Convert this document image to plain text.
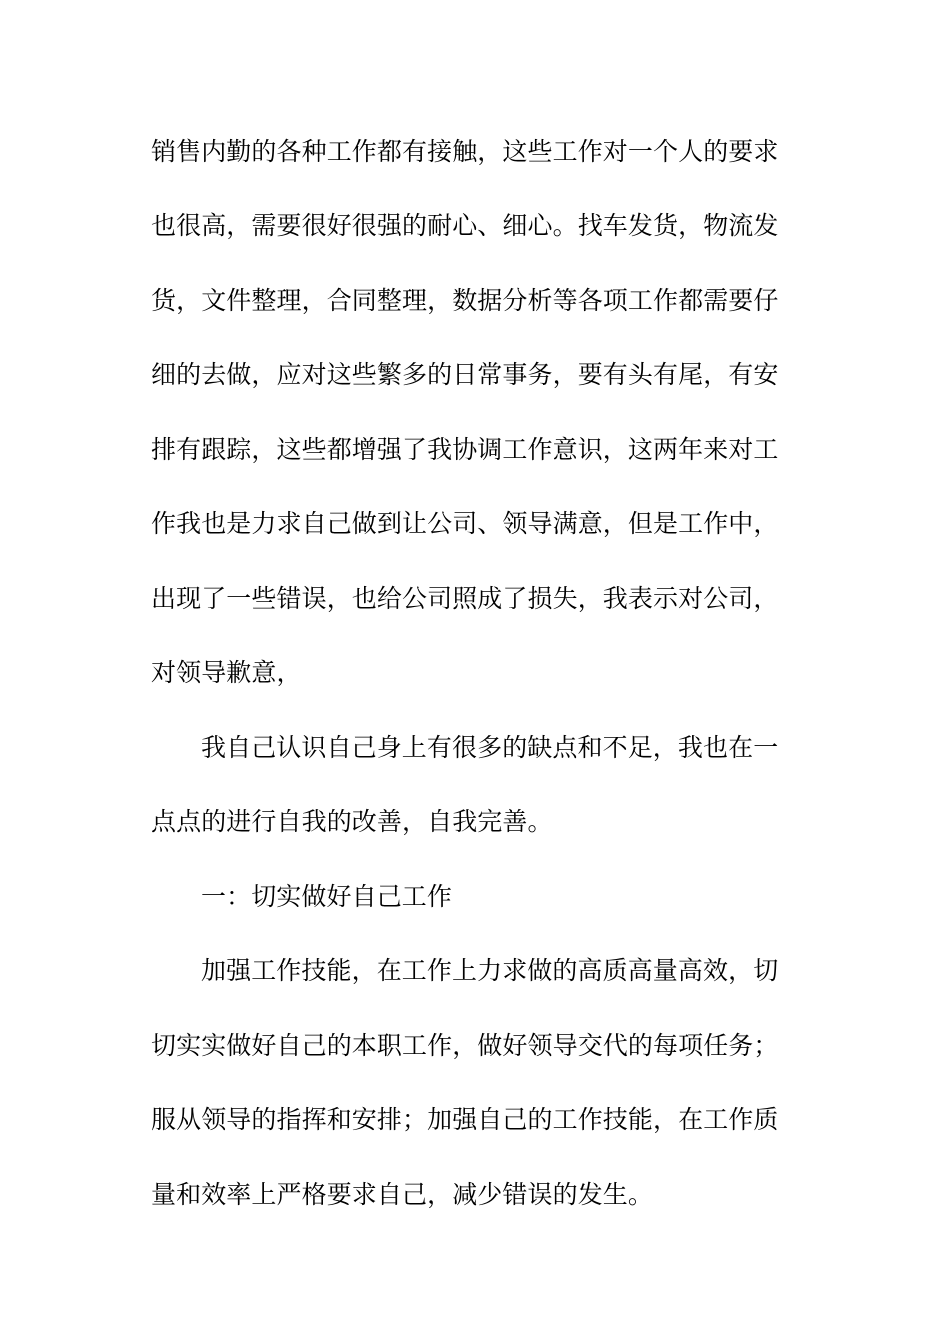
销售内勤的各种工作都有接触，这些工作对一个人的要求
也很高，需要很好很强的耐心、细心。找车发货，物流发
货，文件整理，合同整理，数据分析等各项工作都需要仔
细的去做，应对这些繁多的日常事务，要有头有尾，有安
排有跟踪，这些都增强了我协调工作意识，这两年来对工
作我也是力求自己做到让公司、领导满意，但是工作中，
出现了一些错误，也给公司照成了损失，我表示对公司，
对领导歉意，
我自己认识自己身上有很多的缺点和不足，我也在一
点点的进行自我的改善，自我完善。
一：切实做好自己工作
加强工作技能，在工作上力求做的高质高量高效，切
切实实做好自己的本职工作，做好领导交代的每项任务；
服从领导的指挥和安排；加强自己的工作技能，在工作质
量和效率上严格要求自己，减少错误的发生。
